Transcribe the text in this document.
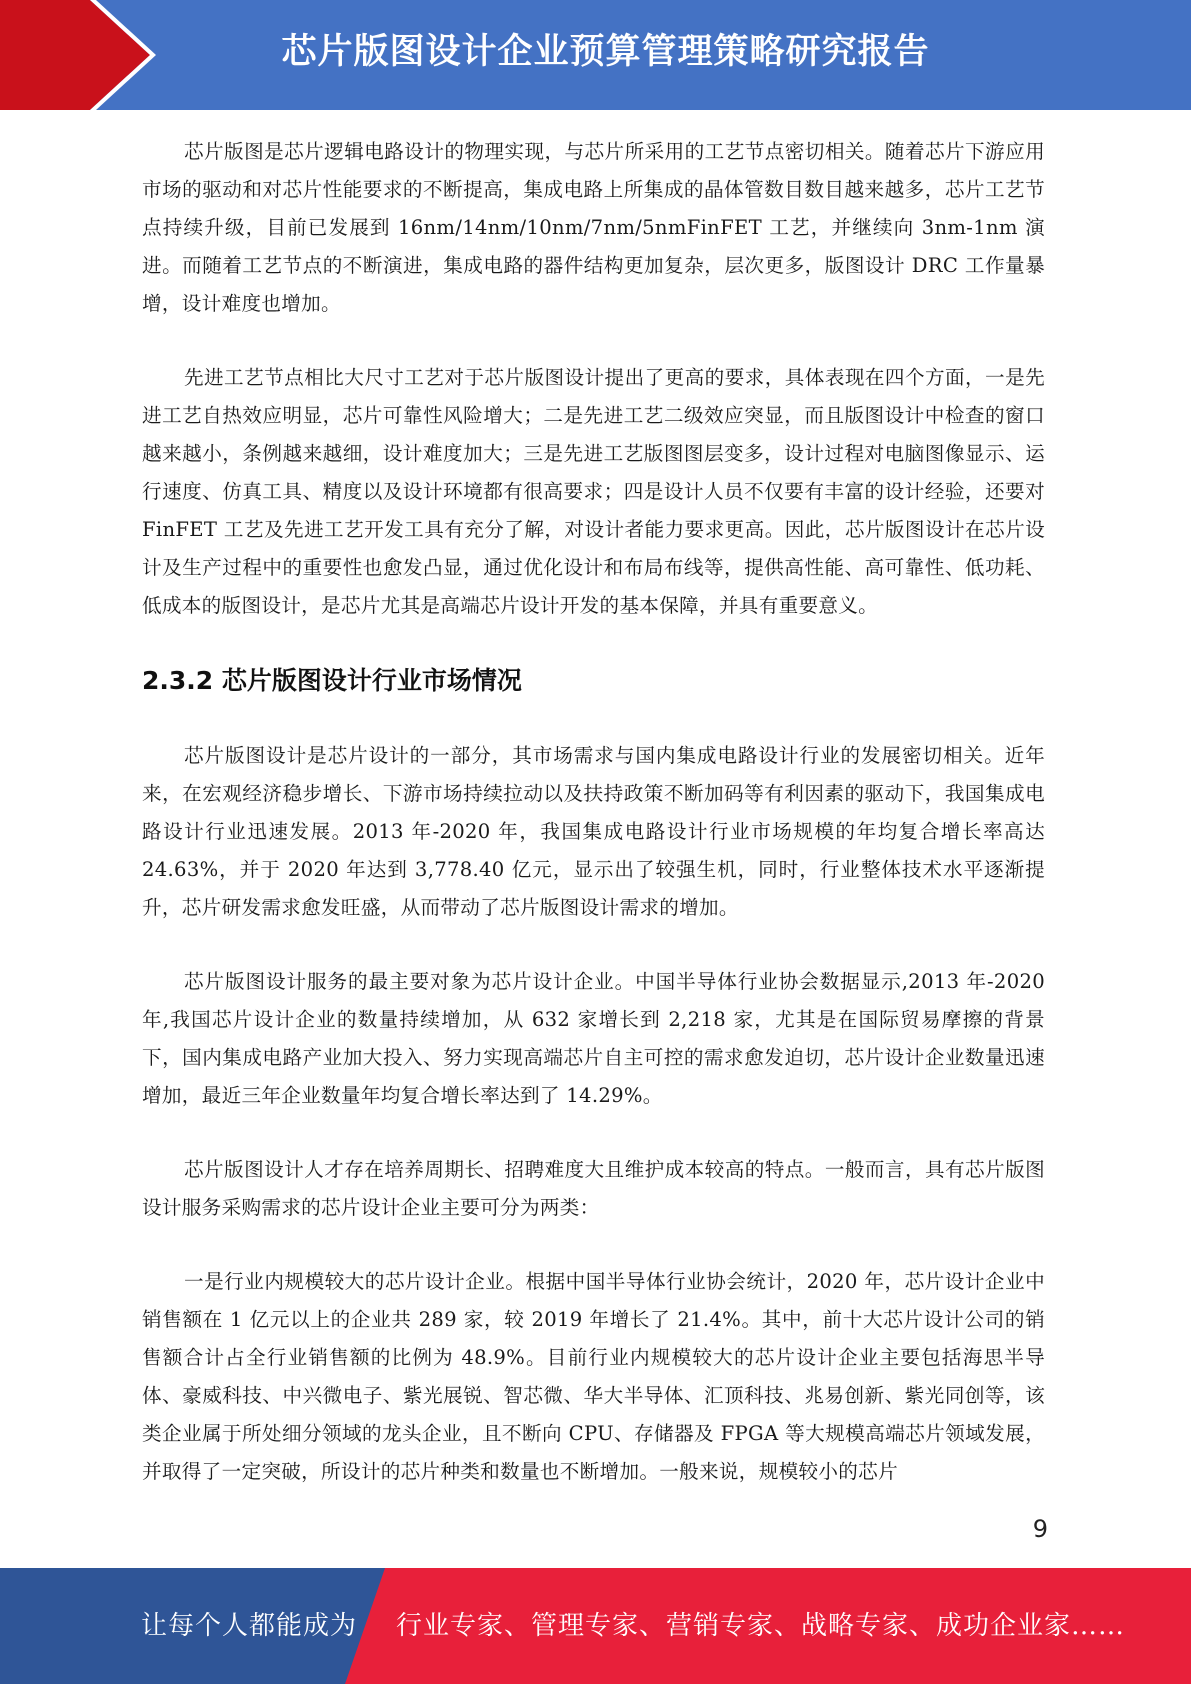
芯片版图设计企业预算管理策略研究报告

芯片版图是芯片逻辑电路设计的物理实现，与芯片所采用的工艺节点密切相关。随着芯片下游应用市场的驱动和对芯片性能要求的不断提高，集成电路上所集成的晶体管数目数目越来越多，芯片工艺节点持续升级，目前已发展到 16nm/14nm/10nm/7nm/5nmFinFET 工艺，并继续向 3nm-1nm 演进。而随着工艺节点的不断演进，集成电路的器件结构更加复杂，层次更多，版图设计 DRC 工作量暴增，设计难度也增加。

先进工艺节点相比大尺寸工艺对于芯片版图设计提出了更高的要求，具体表现在四个方面，一是先进工艺自热效应明显，芯片可靠性风险增大；二是先进工艺二级效应突显，而且版图设计中检查的窗口越来越小，条例越来越细，设计难度加大；三是先进工艺版图图层变多，设计过程对电脑图像显示、运行速度、仿真工具、精度以及设计环境都有很高要求；四是设计人员不仅要有丰富的设计经验，还要对 FinFET 工艺及先进工艺开发工具有充分了解，对设计者能力要求更高。因此，芯片版图设计在芯片设计及生产过程中的重要性也愈发凸显，通过优化设计和布局布线等，提供高性能、高可靠性、低功耗、低成本的版图设计，是芯片尤其是高端芯片设计开发的基本保障，并具有重要意义。

2.3.2 芯片版图设计行业市场情况

芯片版图设计是芯片设计的一部分，其市场需求与国内集成电路设计行业的发展密切相关。近年来，在宏观经济稳步增长、下游市场持续拉动以及扶持政策不断加码等有利因素的驱动下，我国集成电路设计行业迅速发展。2013 年-2020 年，我国集成电路设计行业市场规模的年均复合增长率高达 24.63%，并于 2020 年达到 3,778.40 亿元，显示出了较强生机，同时，行业整体技术水平逐渐提升，芯片研发需求愈发旺盛，从而带动了芯片版图设计需求的增加。

芯片版图设计服务的最主要对象为芯片设计企业。中国半导体行业协会数据显示,2013 年-2020 年,我国芯片设计企业的数量持续增加，从 632 家增长到 2,218 家，尤其是在国际贸易摩擦的背景下，国内集成电路产业加大投入、努力实现高端芯片自主可控的需求愈发迫切，芯片设计企业数量迅速增加，最近三年企业数量年均复合增长率达到了 14.29%。

芯片版图设计人才存在培养周期长、招聘难度大且维护成本较高的特点。一般而言，具有芯片版图设计服务采购需求的芯片设计企业主要可分为两类：

一是行业内规模较大的芯片设计企业。根据中国半导体行业协会统计，2020 年，芯片设计企业中销售额在 1 亿元以上的企业共 289 家，较 2019 年增长了 21.4%。其中，前十大芯片设计公司的销售额合计占全行业销售额的比例为 48.9%。目前行业内规模较大的芯片设计企业主要包括海思半导体、豪威科技、中兴微电子、紫光展锐、智芯微、华大半导体、汇顶科技、兆易创新、紫光同创等，该类企业属于所处细分领域的龙头企业，且不断向 CPU、存储器及 FPGA 等大规模高端芯片领域发展，并取得了一定突破，所设计的芯片种类和数量也不断增加。一般来说，规模较小的芯片

9
让每个人都能成为 行业专家、管理专家、营销专家、战略专家、成功企业家……
